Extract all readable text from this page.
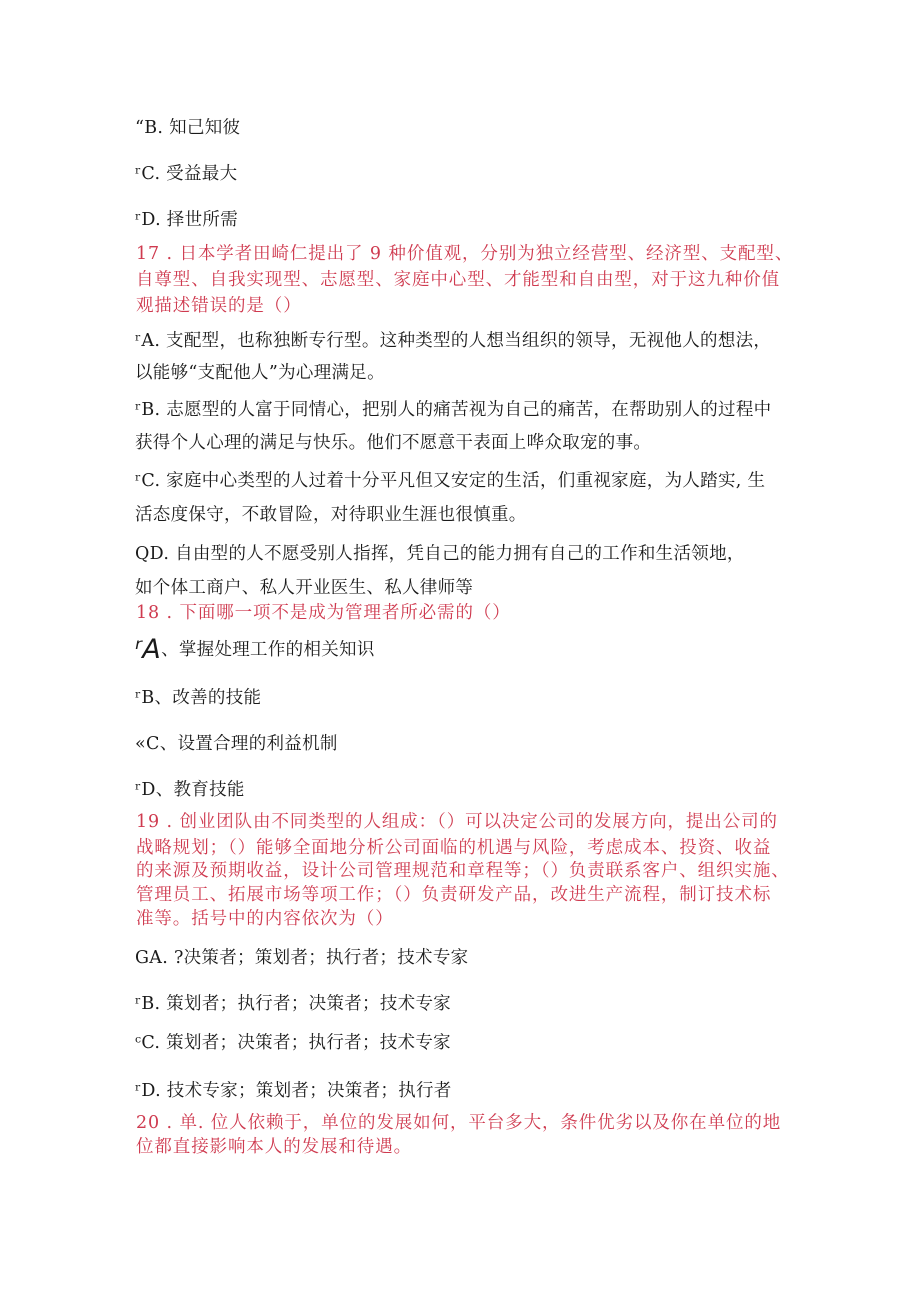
“B. 知己知彼
ʳC. 受益最大
ʳD. 择世所需
17 . 日本学者田崎仁提出了 9 种价值观，分别为独立经营型、经济型、支配型、
自尊型、自我实现型、志愿型、家庭中心型、才能型和自由型，对于这九种价值
观描述错误的是（）
ʳA. 支配型，也称独断专行型。这种类型的人想当组织的领导，无视他人的想法，
以能够“支配他人”为心理满足。
ʳB. 志愿型的人富于同情心，把别人的痛苦视为自己的痛苦，在帮助别人的过程中
获得个人心理的满足与快乐。他们不愿意干表面上哗众取宠的事。
ʳC. 家庭中心类型的人过着十分平凡但又安定的生活，们重视家庭，为人踏实, 生
活态度保守，不敢冒险，对待职业生涯也很慎重。
QD. 自由型的人不愿受别人指挥，凭自己的能力拥有自己的工作和生活领地，
如个体工商户、私人开业医生、私人律师等
18 . 下面哪一项不是成为管理者所必需的（）
ʳA、掌握处理工作的相关知识
ʳB、改善的技能
«C、设置合理的利益机制
ʳD、教育技能
19 . 创业团队由不同类型的人组成：（）可以决定公司的发展方向，提出公司的
战略规划；（）能够全面地分析公司面临的机遇与风险，考虑成本、投资、收益
的来源及预期收益，设计公司管理规范和章程等；（）负责联系客户、组织实施、
管理员工、拓展市场等项工作；（）负责研发产品，改进生产流程，制订技术标
准等。括号中的内容依次为（）
GA. ?决策者；策划者；执行者；技术专家
ʳB. 策划者；执行者；决策者；技术专家
ᶜC. 策划者；决策者；执行者；技术专家
ʳD. 技术专家；策划者；决策者；执行者
20 . 单. 位人依赖于，单位的发展如何，平台多大，条件优劣以及你在单位的地
位都直接影响本人的发展和待遇。
